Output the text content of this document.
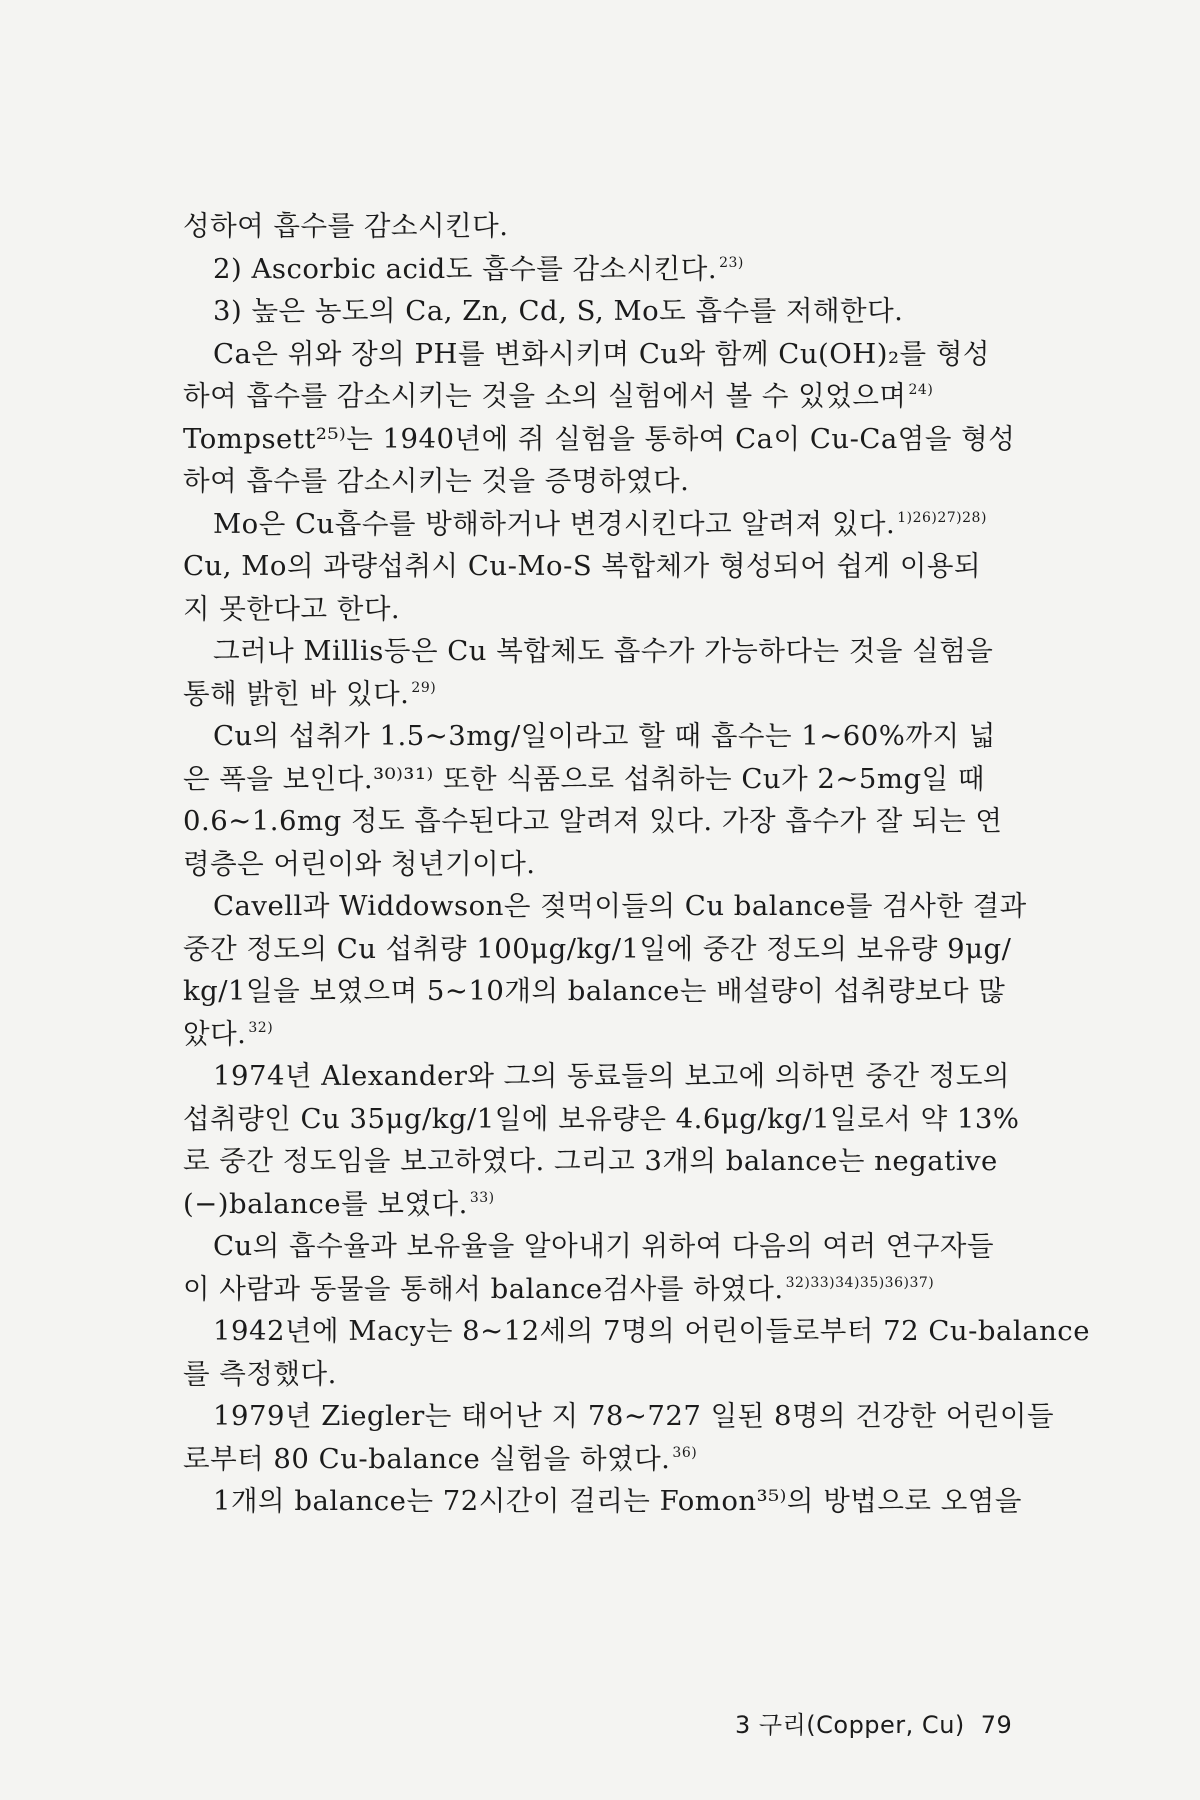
성하여 흡수를 감소시킨다.
2) Ascorbic acid도 흡수를 감소시킨다. $^{23)}$
3) 높은 농도의 Ca, Zn, Cd, S, Mo도 흡수를 저해한다.
Ca은 위와 장의 PH를 변화시키며 Cu와 함께 Cu(OH)₂를 형성
하여 흡수를 감소시키는 것을 소의 실험에서 볼 수 있었으며 $^{24)}$
Tompsett²⁵⁾는 1940년에 쥐 실험을 통하여 Ca이 Cu-Ca염을 형성
하여 흡수를 감소시키는 것을 증명하였다.
Mo은 Cu흡수를 방해하거나 변경시킨다고 알려져 있다. $^{1)26)27)28)}$
Cu, Mo의 과량섭취시 Cu-Mo-S 복합체가 형성되어 쉽게 이용되
지 못한다고 한다.
그러나 Millis등은 Cu 복합체도 흡수가 가능하다는 것을 실험을
통해 밝힌 바 있다. $^{29)}$
Cu의 섭취가 1.5∼3mg/일이라고 할 때 흡수는 1∼60%까지 넓
은 폭을 보인다.³⁰⁾³¹⁾ 또한 식품으로 섭취하는 Cu가 2∼5mg일 때
0.6∼1.6mg 정도 흡수된다고 알려져 있다. 가장 흡수가 잘 되는 연
령층은 어린이와 청년기이다.
Cavell과 Widdowson은 젖먹이들의 Cu balance를 검사한 결과
중간 정도의 Cu 섭취량 100μg/kg/1일에 중간 정도의 보유량 9μg/
kg/1일을 보였으며 5∼10개의 balance는 배설량이 섭취량보다 많
았다. $^{32)}$
1974년 Alexander와 그의 동료들의 보고에 의하면 중간 정도의
섭취량인 Cu 35μg/kg/1일에 보유량은 4.6μg/kg/1일로서 약 13%
로 중간 정도임을 보고하였다. 그리고 3개의 balance는 negative
(−)balance를 보였다. $^{33)}$
Cu의 흡수율과 보유율을 알아내기 위하여 다음의 여러 연구자들
이 사람과 동물을 통해서 balance검사를 하였다. $^{32)33)34)35)36)37)}$
1942년에 Macy는 8∼12세의 7명의 어린이들로부터 72 Cu-balance
를 측정했다.
1979년 Ziegler는 태어난 지 78∼727 일된 8명의 건강한 어린이들
로부터 80 Cu-balance 실험을 하였다. $^{36)}$
1개의 balance는 72시간이 걸리는 Fomon³⁵⁾의 방법으로 오염을
3 구리(Copper, Cu) 79
